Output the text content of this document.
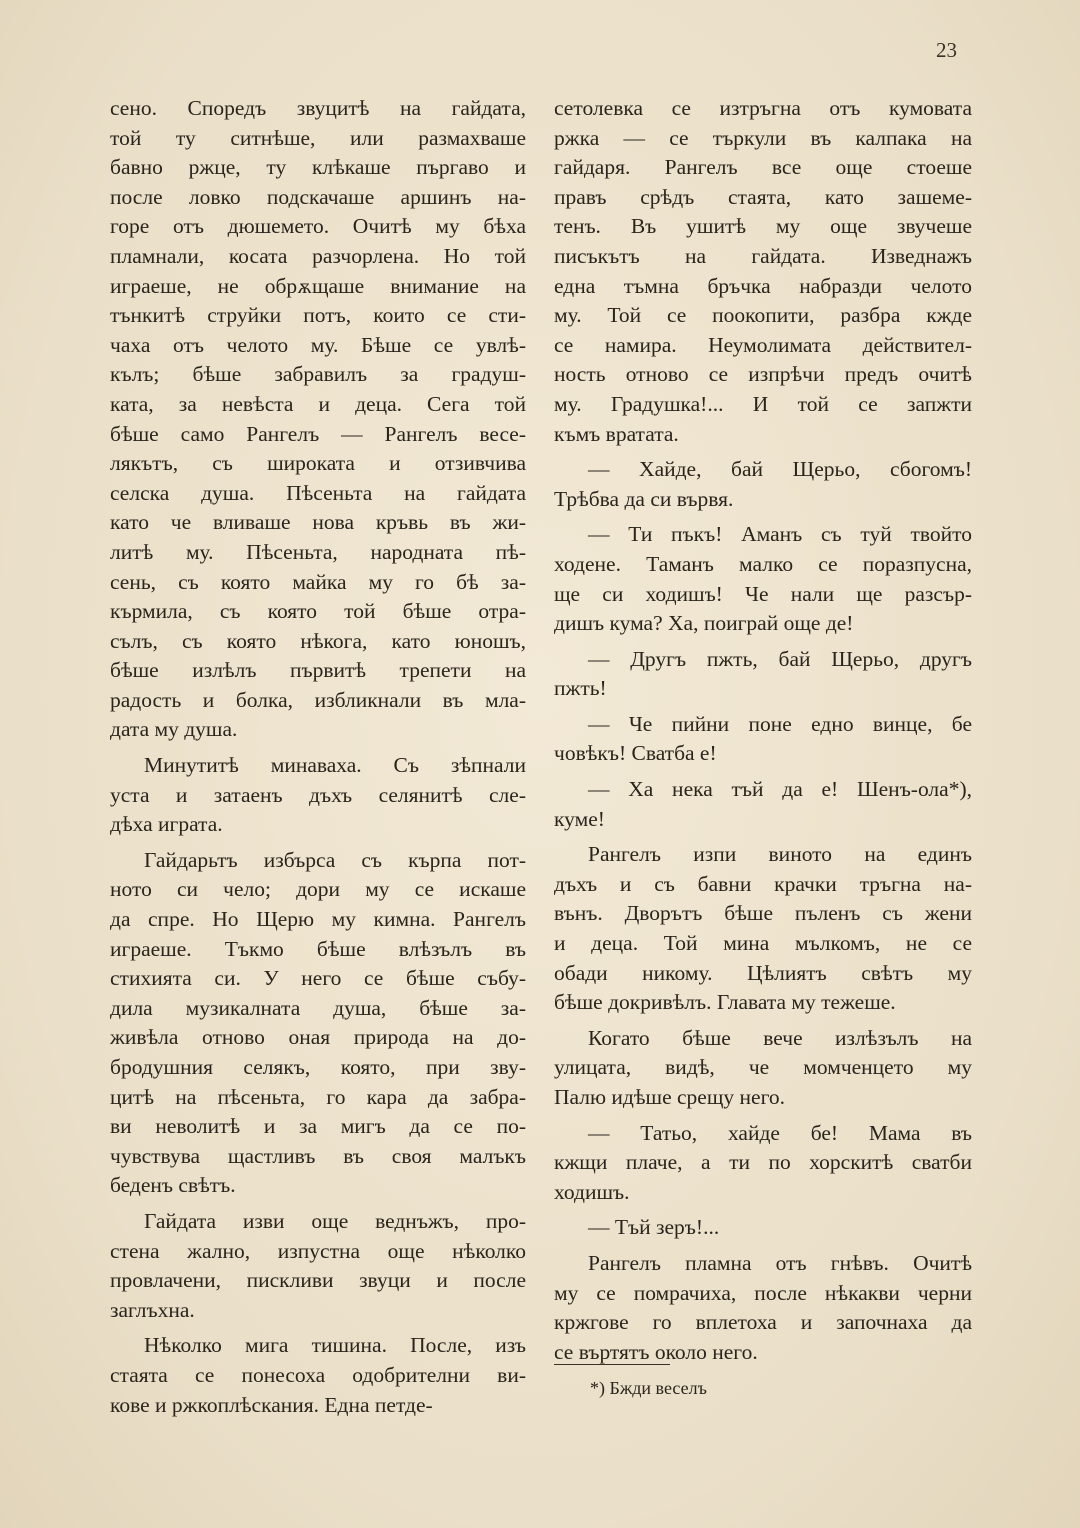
23
сено. Споредъ звуцитѣ на гайдата,
той ту ситнѣше, или размахваше
бавно ржце, ту клѣкаше пъргаво и
после ловко подскачаше аршинъ на-
горе отъ дюшемето. Очитѣ му бѣха
пламнали, косата разчорлена. Но той
играеше, не обрѫщаше внимание на
тънкитѣ струйки потъ, които се сти-
чаха отъ челото му. Бѣше се увлѣ-
кълъ; бѣше забравилъ за градуш-
ката, за невѣста и деца. Сега той
бѣше само Рангелъ — Рангелъ весе-
лякътъ, съ широката и отзивчива
селска душа. Пѣсеньта на гайдата
като че вливаше нова кръвь въ жи-
литѣ му. Пѣсеньта, народната пѣ-
сень, съ която майка му го бѣ за-
кърмила, съ която той бѣше отра-
сълъ, съ която нѣкога, като юношъ,
бѣше излѣлъ първитѣ трепети на
радость и болка, избликнали въ мла-
дата му душа.
Минутитѣ минаваха. Съ зѣпнали
уста и затаенъ дъхъ селянитѣ сле-
дѣха играта.
Гайдарьтъ избърса съ кърпа пот-
ното си чело; дори му се искаше
да спре. Но Щерю му кимна. Рангелъ
играеше. Тъкмо бѣше влѣзълъ въ
стихията си. У него се бѣше събу-
дила музикалната душа, бѣше за-
живѣла отново оная природа на до-
бродушния селякъ, която, при зву-
цитѣ на пѣсеньта, го кара да забра-
ви неволитѣ и за мигъ да се по-
чувствува щастливъ въ своя малъкъ
беденъ свѣтъ.
Гайдата изви още веднъжъ, про-
стена жално, изпустна още нѣколко
провлачени, пискливи звуци и после
заглъхна.
Нѣколко мига тишина. После, изъ
стаята се понесоха одобрителни ви-
кове и ржкоплѣскания. Една петде-
сетолевка се изтръгна отъ кумовата
ржка — се търкули въ калпака на
гайдаря. Рангелъ все още стоеше
правъ срѣдъ стаята, като зашеме-
тенъ. Въ ушитѣ му още звучеше
писъкътъ на гайдата. Изведнажъ
една тъмна бръчка набразди челото
му. Той се поокопити, разбра кжде
се намира. Неумолимата действител-
ность отново се изпрѣчи предъ очитѣ
му. Градушка!... И той се запжти
къмъ вратата.
— Хайде, бай Щерьо, сбогомъ!
Трѣбва да си вървя.
— Ти пъкъ! Аманъ съ туй твойто
ходене. Таманъ малко се поразпусна,
ще си ходишъ! Че нали ще разсър-
дишъ кума? Ха, поиграй още де!
— Другъ пжть, бай Щерьо, другъ
пжть!
— Че пийни поне едно винце, бе
човѣкъ! Сватба е!
— Ха нека тъй да е! Шенъ-ола*),
куме!
Рангелъ изпи виното на единъ
дъхъ и съ бавни крачки тръгна на-
вънъ. Дворътъ бѣше пъленъ съ жени
и деца. Той мина мълкомъ, не се
обади никому. Цѣлиятъ свѣтъ му
бѣше докривѣлъ. Главата му тежеше.
Когато бѣше вече излѣзълъ на
улицата, видѣ, че момченцето му
Палю идѣше срещу него.
— Татьо, хайде бе! Мама въ
кжщи плаче, а ти по хорскитѣ сватби
ходишъ.
— Тъй зеръ!...
Рангелъ пламна отъ гнѣвъ. Очитѣ
му се помрачиха, после нѣкакви черни
кржгове го вплетоха и започнаха да
се въртятъ около него.
*) Бжди веселъ
